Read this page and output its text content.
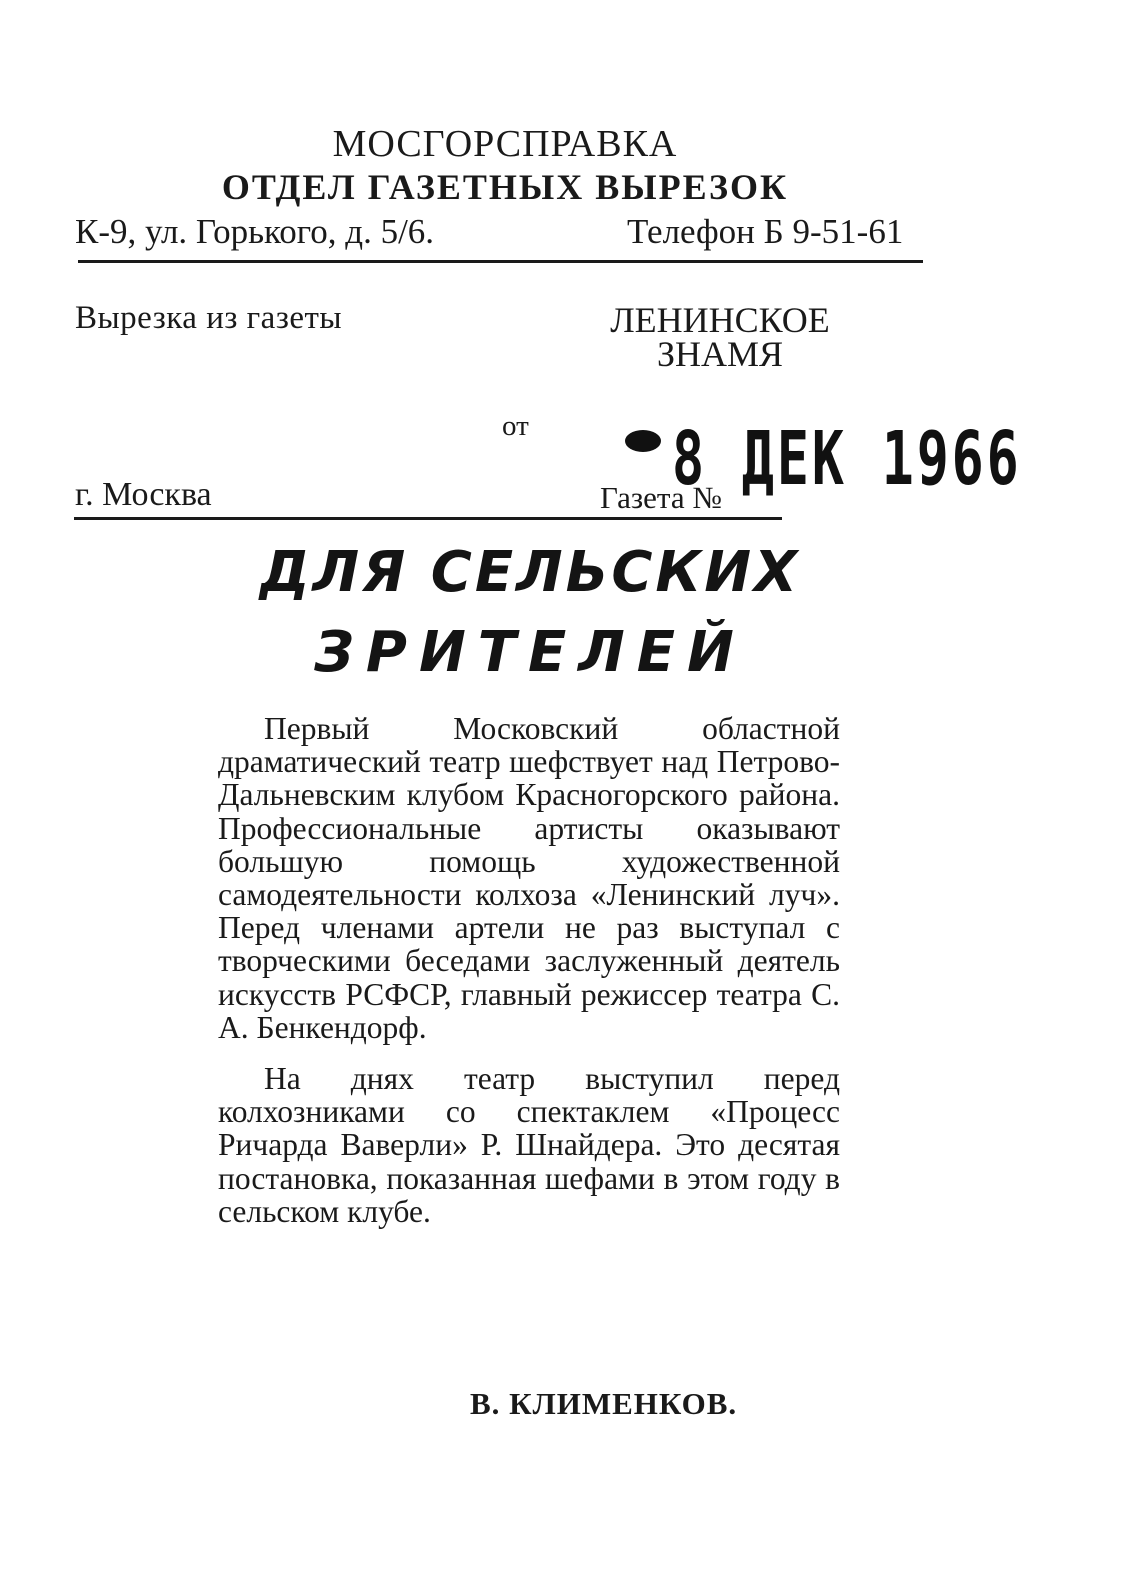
МОСГОРСПРАВКА
ОТДЕЛ ГАЗЕТНЫХ ВЫРЕЗОК
К-9, ул. Горького, д. 5/6.	Телефон Б 9-51-61
Вырезка из газеты	ЛЕНИНСКОЕ
ЗНАМЯ
от 8 ДЕК 1966
г. Москва	Газета №
ДЛЯ СЕЛЬСКИХ
ЗРИТЕЛЕЙ

Первый Московский областной драматический театр шефствует над Петрово-Дальневским клубом Красногорского района. Профессиональные артисты оказывают большую помощь художественной самодеятельности колхоза «Ленинский луч». Перед членами артели не раз выступал с творческими беседами заслуженный деятель искусств РСФСР, главный режиссер театра С. А. Бенкендорф.

На днях театр выступил перед колхозниками со спектаклем «Процесс Ричарда Ваверли» Р. Шнайдера. Это десятая постановка, показанная шефами в этом году в сельском клубе.

В. КЛИМЕНКОВ.
